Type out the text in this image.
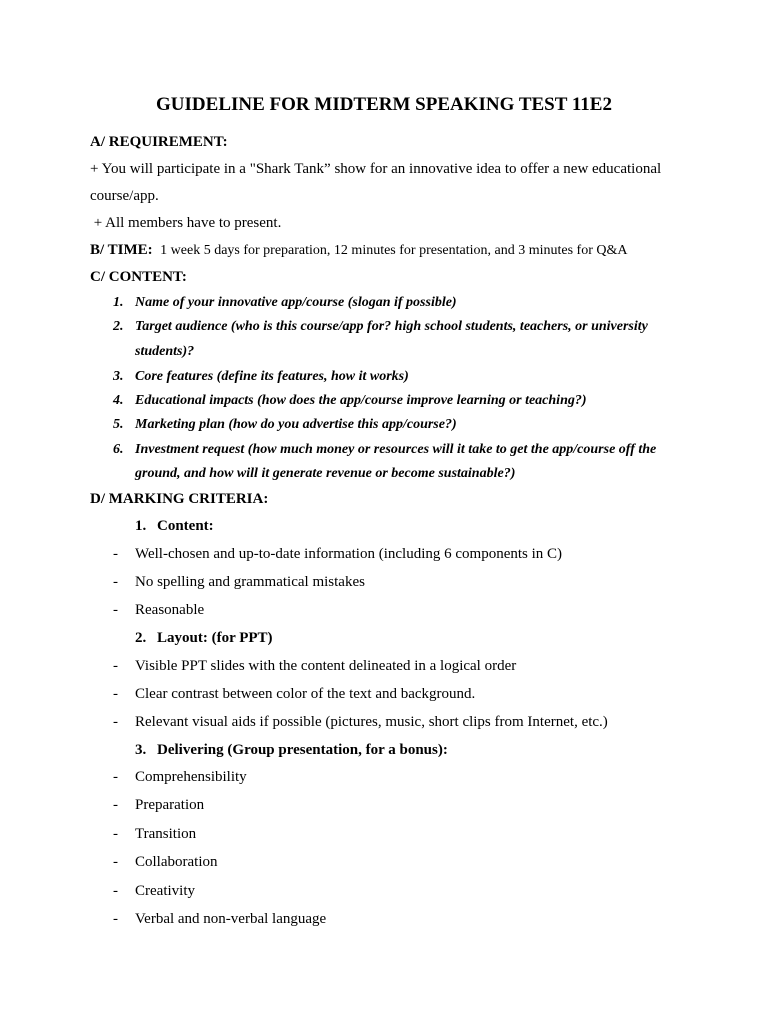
GUIDELINE FOR MIDTERM SPEAKING TEST 11E2
A/ REQUIREMENT:
+ You will participate in a "Shark Tank” show for an innovative idea to offer a new educational
course/app.
+ All members have to present.
B/ TIME: 1 week 5 days for preparation, 12 minutes for presentation, and 3 minutes for Q&A
C/ CONTENT:
1. Name of your innovative app/course (slogan if possible)
2. Target audience (who is this course/app for? high school students, teachers, or university
students)?
3. Core features (define its features, how it works)
4. Educational impacts (how does the app/course improve learning or teaching?)
5. Marketing plan (how do you advertise this app/course?)
6. Investment request (how much money or resources will it take to get the app/course off the
ground, and how will it generate revenue or become sustainable?)
D/ MARKING CRITERIA:
1. Content:
- Well-chosen and up-to-date information (including 6 components in C)
- No spelling and grammatical mistakes
- Reasonable
2. Layout: (for PPT)
- Visible PPT slides with the content delineated in a logical order
- Clear contrast between color of the text and background.
- Relevant visual aids if possible (pictures, music, short clips from Internet, etc.)
3. Delivering (Group presentation, for a bonus):
- Comprehensibility
- Preparation
- Transition
- Collaboration
- Creativity
- Verbal and non-verbal language
